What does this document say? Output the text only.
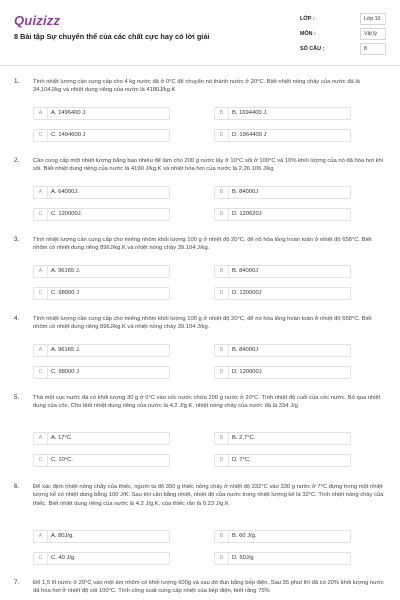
Quizizz
8 Bài tập Sự chuyển thể của các chất cực hay có lời giải
LỚP :	Lớp 10
MÔN :	Vật lý
SỐ CÂU :	8
1. Tính nhiệt lượng cần cung cấp cho 4 kg nước đá ở 0°C để chuyển nó thành nước ở 20°C. Biết nhiệt nóng chảy của nước đá là 34,104J/kg và nhiệt dung riêng của nước là 4180J/kg.K
A	A. 1496400 J.	B	B. 1694400 J.
C	C. 1494600 J	D	D. 1964400 J
2. Cần cung cấp một nhiệt lượng bằng bao nhiêu để làm cho 200 g nước lấy ở 10°C sôi ở 100°C và 10% khối lượng của nó đã hóa hơi khi sôi. Biết nhiệt dung riêng của nước là 4190 J/kg.K và nhiệt hóa hơi của nước là 2,26.106 J/kg
A	A. 64000J.	B	B. 84000J
C	C. 120000J.	D	D. 120620J
3. Tính nhiệt lượng cần cung cấp cho miếng nhôm khối lượng 100 g ở nhiệt độ 20°C, để nó hóa lỏng hoàn toàn ở nhiệt độ 658°C. Biết nhôm có nhiệt dung riêng 896J/kg.K và nhiệt nóng chảy 39.104 J/kg.
A	A. 96165 J.	B	B. 84000J
C	C. 98000 J	D	D. 120000J
4. Tính nhiệt lượng cần cung cấp cho miếng nhôm khối lượng 100 g ở nhiệt độ 20°C, để nó hóa lỏng hoàn toàn ở nhiệt độ 658°C. Biết nhôm có nhiệt dung riêng 896J/kg.K và nhiệt nóng chảy 39.104 J/kg.
A	A. 96165 J.	B	B. 84000J
C	C. 98000 J	D	D. 120000J
5. Thả một cục nước đá có khối lượng 30 g ở 0°C vào cốc nước chứa 200 g nước ở 20°C. Tính nhiệt độ cuối của cốc nước. Bỏ qua nhiệt dung của cốc. Cho biết nhiệt dung riêng của nước là 4,2 J/g.K, nhiệt nóng chảy của nước đá là 334 J/g
A	A. 17°C	B	B. 2,7°C.
C	C. 10°C.	D	D. 7°C.
6. Để xác định nhiệt nóng chảy của thiếc, người ta đổ 350 g thiếc nóng chảy ở nhiệt độ 232°C vào 330 g nước ở 7°C đựng trong một nhiệt lượng kế có nhiệt dung bằng 100 J/K. Sau khi cân bằng nhiệt, nhiệt độ của nước trong nhiệt lượng kế là 32°C. Tính nhiệt nóng chảy của thiếc. Biết nhiệt dung riêng của nước là 4,2 J/g.K, của thiếc rắn là 0,23 J/g.K
A	A. 80J/g.	B	B. 60 J/g.
C	C. 40 J/g.	D	D. 50J/g
7. Đổ 1,5 lít nước ở 20°C vào một ấm nhôm có khối lượng 600g và sau đó đun bằng bếp điện. Sau 35 phút thì đã có 20% khối lượng nước đã hóa hơi ở nhiệt độ sôi 100°C. Tính công suất cung cấp nhiệt của bếp điện, biết rằng 75%
